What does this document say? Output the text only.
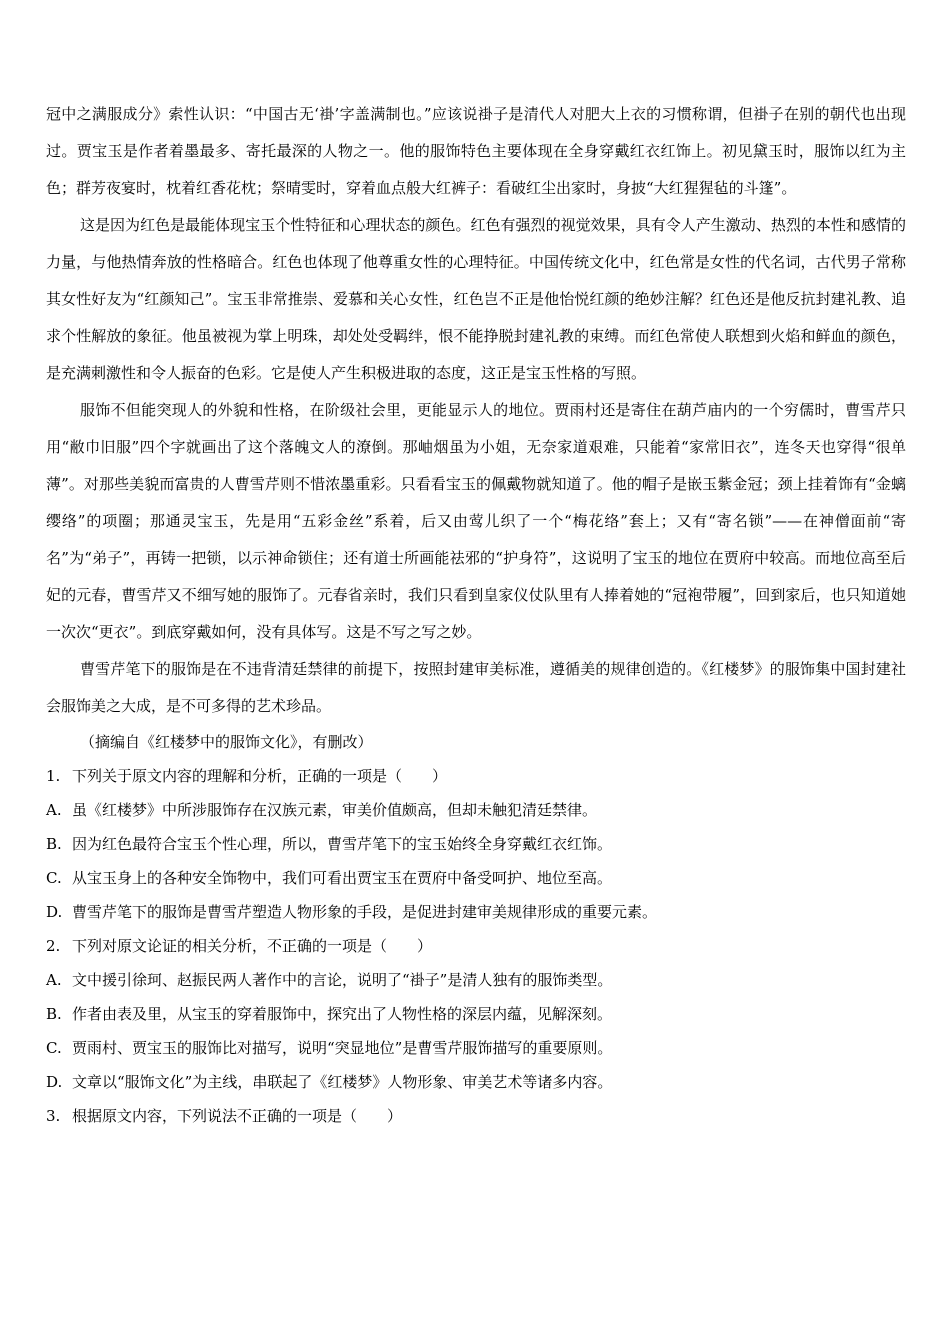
冠中之满服成分》索性认识：“中国古无‘褂’字盖满制也。”应该说褂子是清代人对肥大上衣的习惯称谓，但褂子在别的朝代也出现过。贾宝玉是作者着墨最多、寄托最深的人物之一。他的服饰特色主要体现在全身穿戴红衣红饰上。初见黛玉时，服饰以红为主色；群芳夜宴时，枕着红香花枕；祭晴雯时，穿着血点般大红裤子：看破红尘出家时，身披“大红猩猩毡的斗篷”。

这是因为红色是最能体现宝玉个性特征和心理状态的颜色。红色有强烈的视觉效果，具有令人产生激动、热烈的本性和感情的力量，与他热情奔放的性格暗合。红色也体现了他尊重女性的心理特征。中国传统文化中，红色常是女性的代名词，古代男子常称其女性好友为“红颜知己”。宝玉非常推崇、爱慕和关心女性，红色岂不正是他怡悦红颜的绝妙注解？红色还是他反抗封建礼教、追求个性解放的象征。他虽被视为掌上明珠，却处处受羁绊，恨不能挣脱封建礼教的束缚。而红色常使人联想到火焰和鲜血的颜色，是充满刺激性和令人振奋的色彩。它是使人产生积极进取的态度，这正是宝玉性格的写照。

服饰不但能突现人的外貌和性格，在阶级社会里，更能显示人的地位。贾雨村还是寄住在葫芦庙内的一个穷儒时，曹雪芹只用“敝巾旧服”四个字就画出了这个落魄文人的潦倒。那岫烟虽为小姐，无奈家道艰难，只能着“家常旧衣”，连冬天也穿得“很单薄”。对那些美貌而富贵的人曹雪芹则不惜浓墨重彩。只看看宝玉的佩戴物就知道了。他的帽子是嵌玉紫金冠；颈上挂着饰有“金螭缨络”的项圈；那通灵宝玉，先是用“五彩金丝”系着，后又由莺儿织了一个“梅花络”套上；又有“寄名锁”——在神僧面前“寄名”为“弟子”，再铸一把锁，以示神命锁住；还有道士所画能祛邪的“护身符”，这说明了宝玉的地位在贾府中较高。而地位高至后妃的元春，曹雪芹又不细写她的服饰了。元春省亲时，我们只看到皇家仪仗队里有人捧着她的“冠袍带履”，回到家后，也只知道她一次次“更衣”。到底穿戴如何，没有具体写。这是不写之写之妙。

曹雪芹笔下的服饰是在不违背清廷禁律的前提下，按照封建审美标准，遵循美的规律创造的。《红楼梦》的服饰集中国封建社会服饰美之大成，是不可多得的艺术珍品。

（摘编自《红楼梦中的服饰文化》，有删改）

1. 下列关于原文内容的理解和分析，正确的一项是（　　）

A. 虽《红楼梦》中所涉服饰存在汉族元素，审美价值颇高，但却未触犯清廷禁律。

B. 因为红色最符合宝玉个性心理，所以，曹雪芹笔下的宝玉始终全身穿戴红衣红饰。

C. 从宝玉身上的各种安全饰物中，我们可看出贾宝玉在贾府中备受呵护、地位至高。

D. 曹雪芹笔下的服饰是曹雪芹塑造人物形象的手段，是促进封建审美规律形成的重要元素。

2. 下列对原文论证的相关分析，不正确的一项是（　　）

A. 文中援引徐珂、赵振民两人著作中的言论，说明了“褂子”是清人独有的服饰类型。

B. 作者由表及里，从宝玉的穿着服饰中，探究出了人物性格的深层内蕴，见解深刻。

C. 贾雨村、贾宝玉的服饰比对描写，说明“突显地位”是曹雪芹服饰描写的重要原则。

D. 文章以“服饰文化”为主线，串联起了《红楼梦》人物形象、审美艺术等诸多内容。

3. 根据原文内容，下列说法不正确的一项是（　　）
